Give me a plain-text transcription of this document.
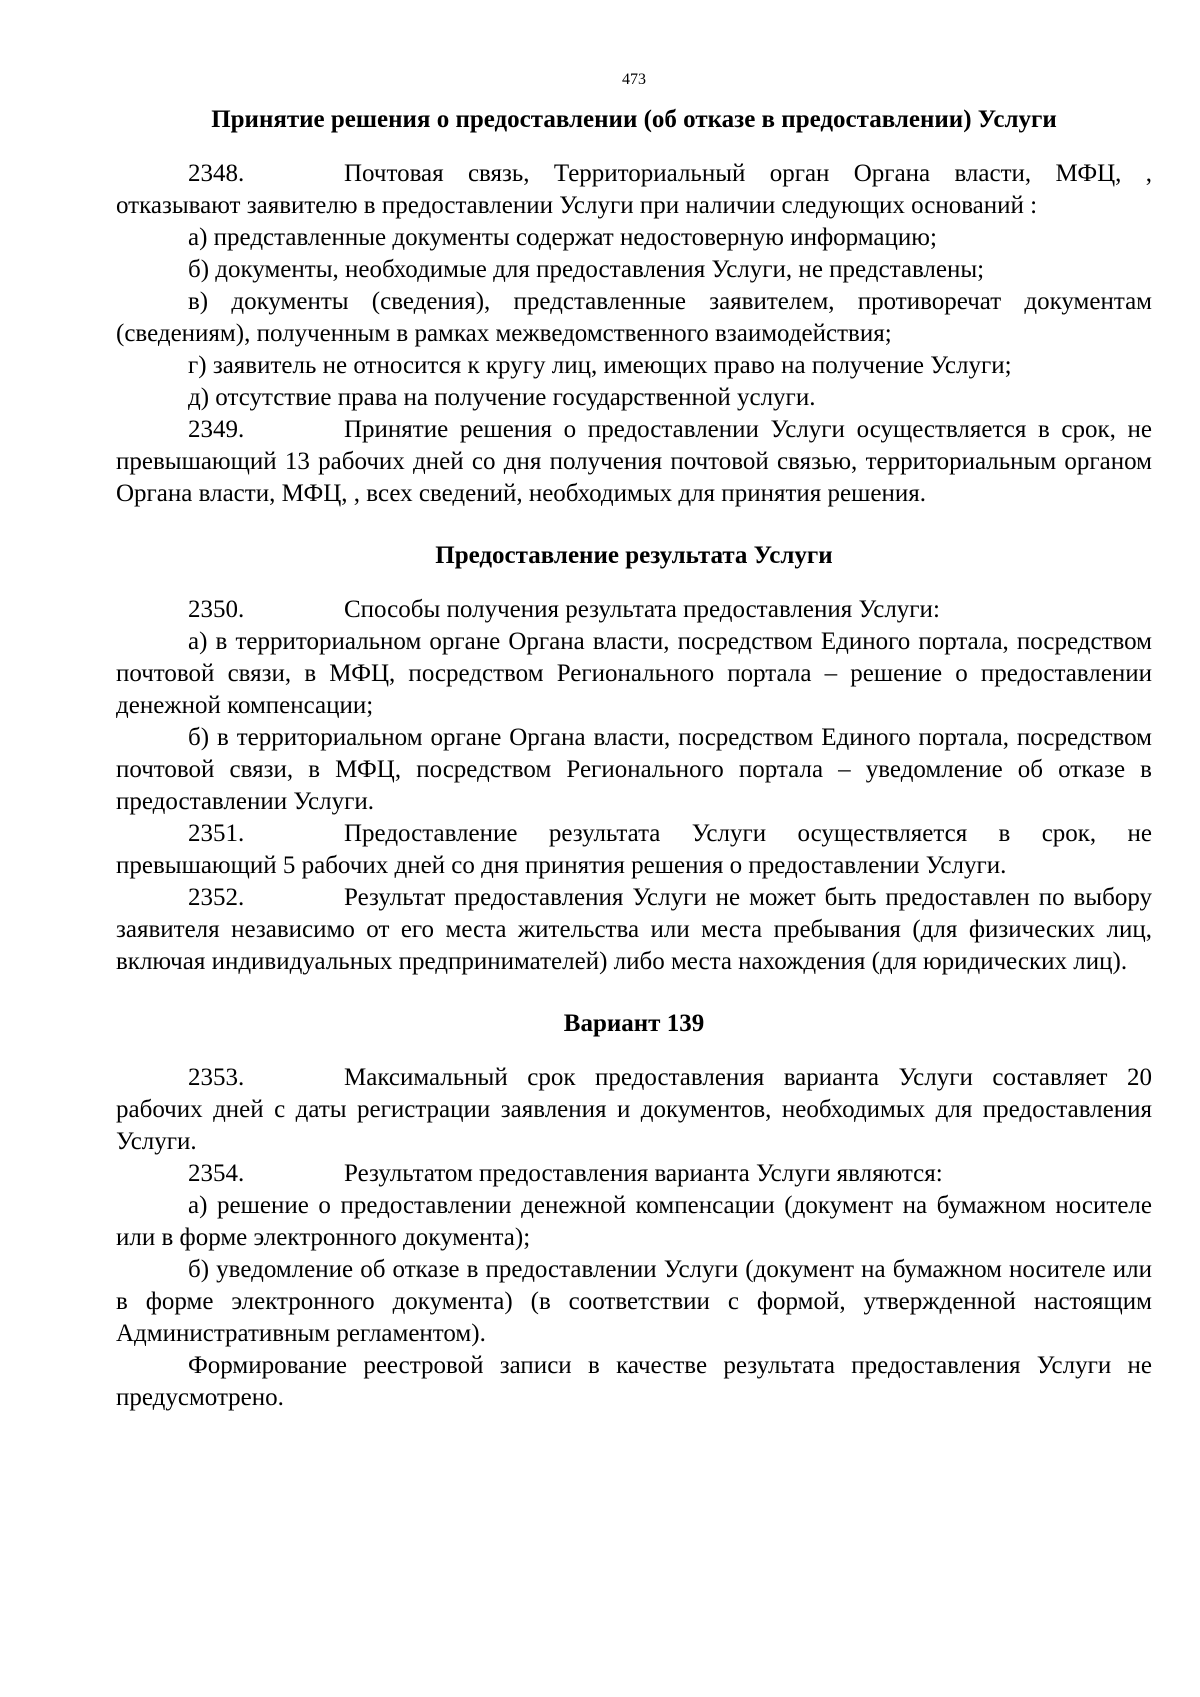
473
Принятие решения о предоставлении (об отказе в предоставлении) Услуги

2348.	Почтовая связь, Территориальный орган Органа власти, МФЦ, , отказывают заявителю в предоставлении Услуги при наличии следующих оснований :

а) представленные документы содержат недостоверную информацию;

б) документы, необходимые для предоставления Услуги, не представлены;

в) документы (сведения), представленные заявителем, противоречат документам (сведениям), полученным в рамках межведомственного взаимодействия;

г) заявитель не относится к кругу лиц, имеющих право на получение Услуги;

д) отсутствие права на получение государственной услуги.

2349.	Принятие решения о предоставлении Услуги осуществляется в срок, не превышающий 13 рабочих дней со дня получения почтовой связью, территориальным органом Органа власти, МФЦ, , всех сведений, необходимых для принятия решения.

Предоставление результата Услуги

2350.	Способы получения результата предоставления Услуги:

а) в территориальном органе Органа власти, посредством Единого портала, посредством почтовой связи, в МФЦ, посредством Регионального портала – решение о предоставлении денежной компенсации;

б) в территориальном органе Органа власти, посредством Единого портала, посредством почтовой связи, в МФЦ, посредством Регионального портала – уведомление об отказе в предоставлении Услуги.

2351.	Предоставление результата Услуги осуществляется в срок, не превышающий 5 рабочих дней со дня принятия решения о предоставлении Услуги.

2352.	Результат предоставления Услуги не может быть предоставлен по выбору заявителя независимо от его места жительства или места пребывания (для физических лиц, включая индивидуальных предпринимателей) либо места нахождения (для юридических лиц).

Вариант 139

2353.	Максимальный срок предоставления варианта Услуги составляет 20 рабочих дней с даты регистрации заявления и документов, необходимых для предоставления Услуги.

2354.	Результатом предоставления варианта Услуги являются:

а) решение о предоставлении денежной компенсации (документ на бумажном носителе или в форме электронного документа);

б) уведомление об отказе в предоставлении Услуги (документ на бумажном носителе или в форме электронного документа) (в соответствии с формой, утвержденной настоящим Административным регламентом).

Формирование реестровой записи в качестве результата предоставления Услуги не предусмотрено.
